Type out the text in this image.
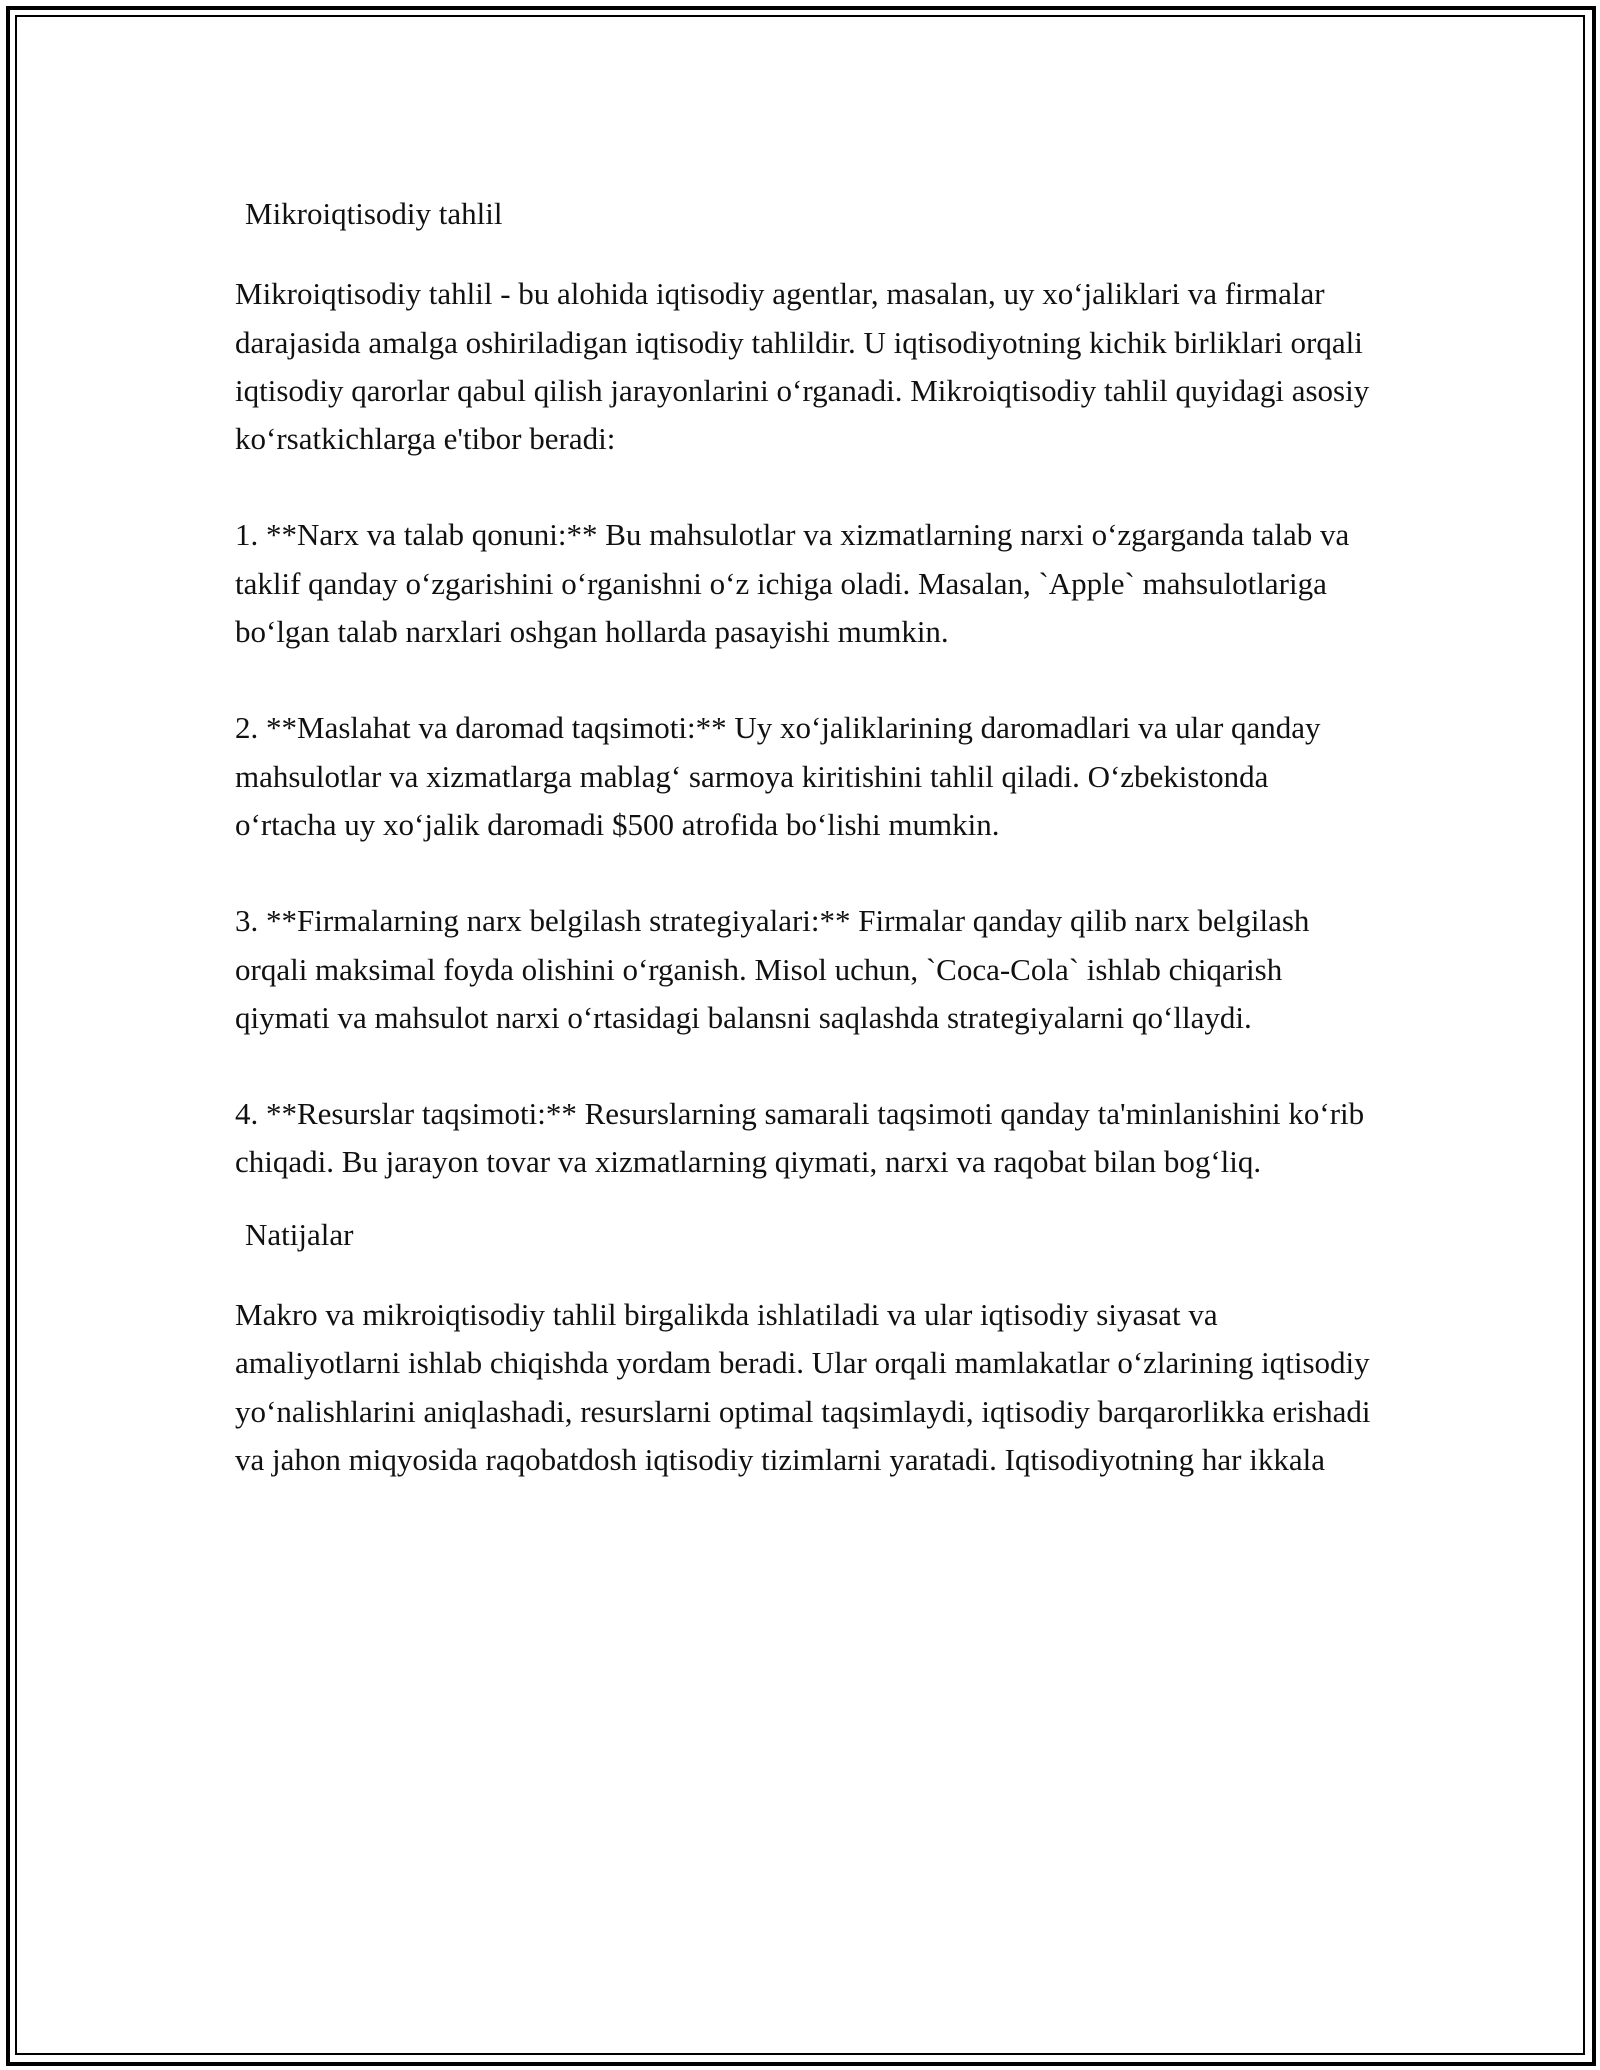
Mikroiqtisodiy tahlil

Mikroiqtisodiy tahlil - bu alohida iqtisodiy agentlar, masalan, uy xo‘jaliklari va firmalar darajasida amalga oshiriladigan iqtisodiy tahlildir. U iqtisodiyotning kichik birliklari orqali iqtisodiy qarorlar qabul qilish jarayonlarini o‘rganadi. Mikroiqtisodiy tahlil quyidagi asosiy ko‘rsatkichlarga e'tibor beradi:

1. **Narx va talab qonuni:** Bu mahsulotlar va xizmatlarning narxi o‘zgarganda talab va taklif qanday o‘zgarishini o‘rganishni o‘z ichiga oladi. Masalan, `Apple` mahsulotlariga bo‘lgan talab narxlari oshgan hollarda pasayishi mumkin.

2. **Maslahat va daromad taqsimoti:** Uy xo‘jaliklarining daromadlari va ular qanday mahsulotlar va xizmatlarga mablag‘ sarmoya kiritishini tahlil qiladi. O‘zbekistonda o‘rtacha uy xo‘jalik daromadi $500 atrofida bo‘lishi mumkin.

3. **Firmalarning narx belgilash strategiyalari:** Firmalar qanday qilib narx belgilash orqali maksimal foyda olishini o‘rganish. Misol uchun, `Coca-Cola` ishlab chiqarish qiymati va mahsulot narxi o‘rtasidagi balansni saqlashda strategiyalarni qo‘llaydi.

4. **Resurslar taqsimoti:** Resurslarning samarali taqsimoti qanday ta'minlanishini ko‘rib chiqadi. Bu jarayon tovar va xizmatlarning qiymati, narxi va raqobat bilan bog‘liq.

Natijalar

Makro va mikroiqtisodiy tahlil birgalikda ishlatiladi va ular iqtisodiy siyasat va amaliyotlarni ishlab chiqishda yordam beradi. Ular orqali mamlakatlar o‘zlarining iqtisodiy yo‘nalishlarini aniqlashadi, resurslarni optimal taqsimlaydi, iqtisodiy barqarorlikka erishadi va jahon miqyosida raqobatdosh iqtisodiy tizimlarni yaratadi. Iqtisodiyotning har ikkala
